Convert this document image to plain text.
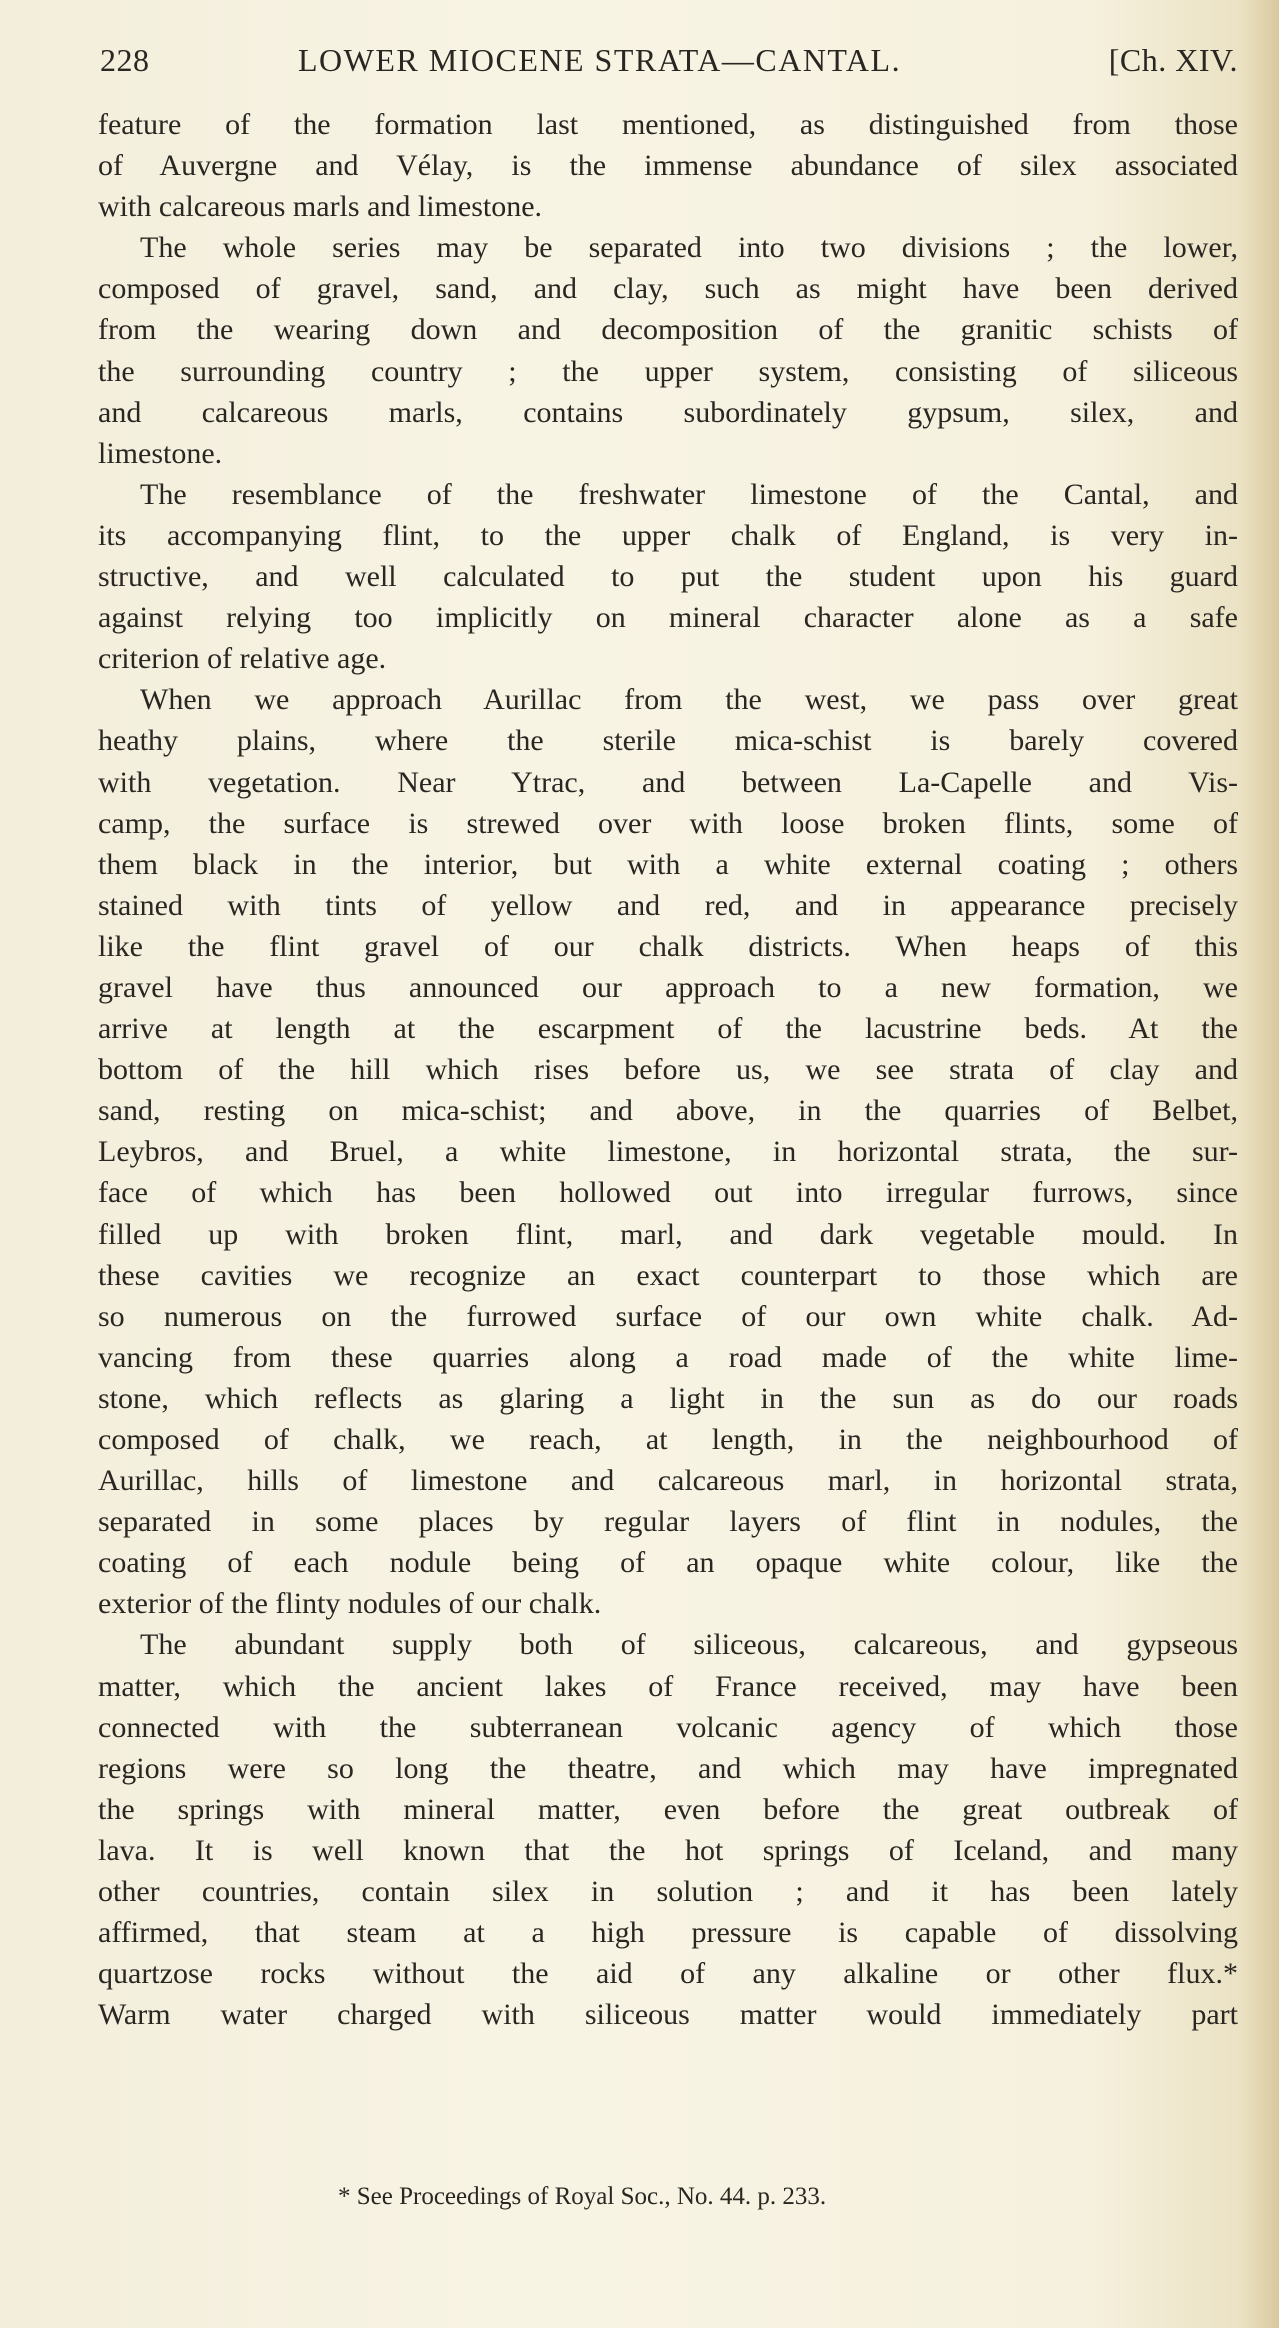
228	LOWER MIOCENE STRATA—CANTAL.	[Ch. XIV.
feature of the formation last mentioned, as distinguished from those
of Auvergne and Vélay, is the immense abundance of silex associated
with calcareous marls and limestone.
The whole series may be separated into two divisions ; the lower,
composed of gravel, sand, and clay, such as might have been derived
from the wearing down and decomposition of the granitic schists of
the surrounding country ; the upper system, consisting of siliceous
and calcareous marls, contains subordinately gypsum, silex, and
limestone.
The resemblance of the freshwater limestone of the Cantal, and
its accompanying flint, to the upper chalk of England, is very in-
structive, and well calculated to put the student upon his guard
against relying too implicitly on mineral character alone as a safe
criterion of relative age.
When we approach Aurillac from the west, we pass over great
heathy plains, where the sterile mica-schist is barely covered
with vegetation. Near Ytrac, and between La-Capelle and Vis-
camp, the surface is strewed over with loose broken flints, some of
them black in the interior, but with a white external coating ; others
stained with tints of yellow and red, and in appearance precisely
like the flint gravel of our chalk districts. When heaps of this
gravel have thus announced our approach to a new formation, we
arrive at length at the escarpment of the lacustrine beds. At the
bottom of the hill which rises before us, we see strata of clay and
sand, resting on mica-schist; and above, in the quarries of Belbet,
Leybros, and Bruel, a white limestone, in horizontal strata, the sur-
face of which has been hollowed out into irregular furrows, since
filled up with broken flint, marl, and dark vegetable mould. In
these cavities we recognize an exact counterpart to those which are
so numerous on the furrowed surface of our own white chalk. Ad-
vancing from these quarries along a road made of the white lime-
stone, which reflects as glaring a light in the sun as do our roads
composed of chalk, we reach, at length, in the neighbourhood of
Aurillac, hills of limestone and calcareous marl, in horizontal strata,
separated in some places by regular layers of flint in nodules, the
coating of each nodule being of an opaque white colour, like the
exterior of the flinty nodules of our chalk.
The abundant supply both of siliceous, calcareous, and gypseous
matter, which the ancient lakes of France received, may have been
connected with the subterranean volcanic agency of which those
regions were so long the theatre, and which may have impregnated
the springs with mineral matter, even before the great outbreak of
lava. It is well known that the hot springs of Iceland, and many
other countries, contain silex in solution ; and it has been lately
affirmed, that steam at a high pressure is capable of dissolving
quartzose rocks without the aid of any alkaline or other flux.*
Warm water charged with siliceous matter would immediately part
* See Proceedings of Royal Soc., No. 44. p. 233.
